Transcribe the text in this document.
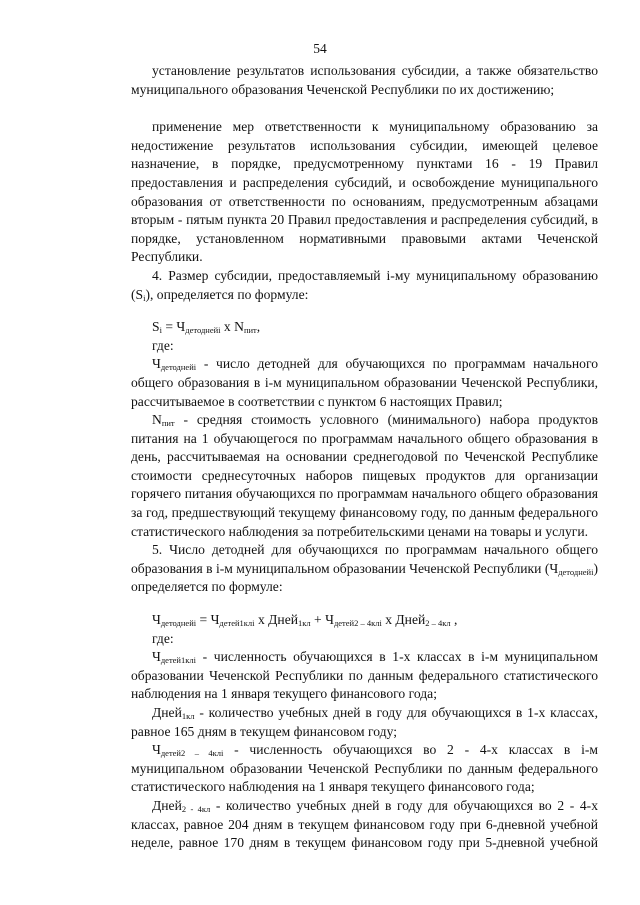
54

установление результатов использования субсидии, а также обязательство муниципального образования Чеченской Республики по их достижению;

применение мер ответственности к муниципальному образованию за недостижение результатов использования субсидии, имеющей целевое назначение, в порядке, предусмотренному пунктами 16 - 19 Правил предоставления и распределения субсидий, и освобождение муниципального образования от ответственности по основаниям, предусмотренным абзацами вторым - пятым пункта 20 Правил предоставления и распределения субсидий, в порядке, установленном нормативными правовыми актами Чеченской Республики.

4. Размер субсидии, предоставляемый i-му муниципальному образованию $(S_i)$, определяется по формуле:

$S_i = Ч_{детоднейi}$ x $N_{пит}$,

где:

$Ч_{детоднейi}$ - число детодней для обучающихся по программам начального общего образования в i-м муниципальном образовании Чеченской Республики, рассчитываемое в соответствии с пунктом 6 настоящих Правил;

$N_{пит}$ - средняя стоимость условного (минимального) набора продуктов питания на 1 обучающегося по программам начального общего образования в день, рассчитываемая на основании среднегодовой по Чеченской Республике стоимости среднесуточных наборов пищевых продуктов для организации горячего питания обучающихся по программам начального общего образования за год, предшествующий текущему финансовому году, по данным федерального статистического наблюдения за потребительскими ценами на товары и услуги.

5. Число детодней для обучающихся по программам начального общего образования в i-м муниципальном образовании Чеченской Республики $(Ч_{детоднейi})$ определяется по формуле:

$Ч_{детоднейi} = Ч_{детей1клi}$ x Дней$_{1кл}$ + $Ч_{детей2 - 4клi}$ x Дней$_{2 - 4кл}$ ,

где:

$Ч_{детей1клi}$ - численность обучающихся в 1-х классах в i-м муниципальном образовании Чеченской Республики по данным федерального статистического наблюдения на 1 января текущего финансового года;

Дней$_{1кл}$ - количество учебных дней в году для обучающихся в 1-х классах, равное 165 дням в текущем финансовом году;

$Ч_{детей2 - 4клi}$ - численность обучающихся во 2 - 4-х классах в i-м муниципальном образовании Чеченской Республики по данным федерального статистического наблюдения на 1 января текущего финансового года;

Дней$_{2 - 4кл}$ - количество учебных дней в году для обучающихся во 2 - 4-х классах, равное 204 дням в текущем финансовом году при 6-дневной учебной неделе, равное 170 дням в текущем финансовом году при 5-дневной учебной
